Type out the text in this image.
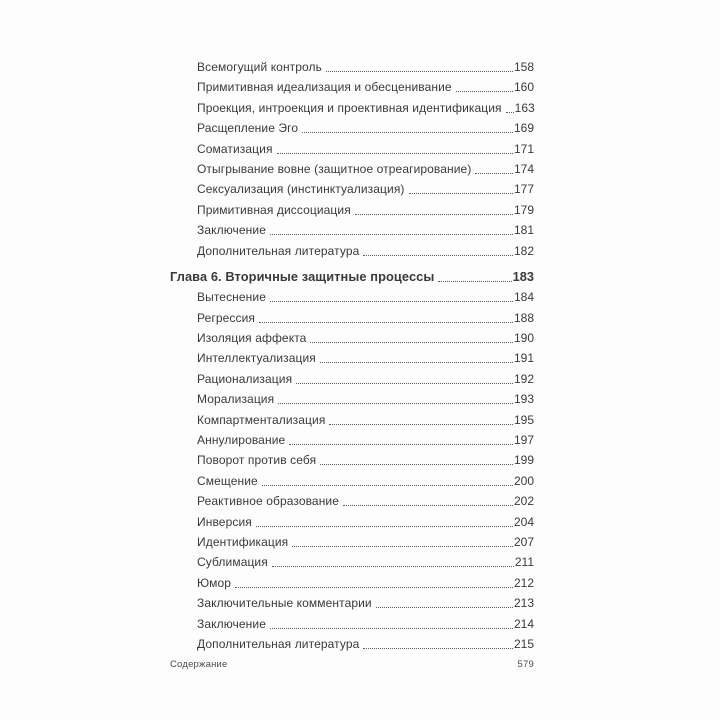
Всемогущий контроль	158
Примитивная идеализация и обесценивание	160
Проекция, интроекция и проективная идентификация 163
Расщепление Эго	169
Соматизация	171
Отыгрывание вовне (защитное отреагирование)	174
Сексуализация (инстинктуализация)	177
Примитивная диссоциация	179
Заключение	181
Дополнительная литература	182
Глава 6. Вторичные защитные процессы	183
Вытеснение	184
Регрессия	188
Изоляция аффекта	190
Интеллектуализация	191
Рационализация	192
Морализация	193
Компартментализация	195
Аннулирование	197
Поворот против себя	199
Смещение	200
Реактивное образование	202
Инверсия	204
Идентификация	207
Сублимация	211
Юмор	212
Заключительные комментарии	213
Заключение	214
Дополнительная литература	215
Содержание	579
